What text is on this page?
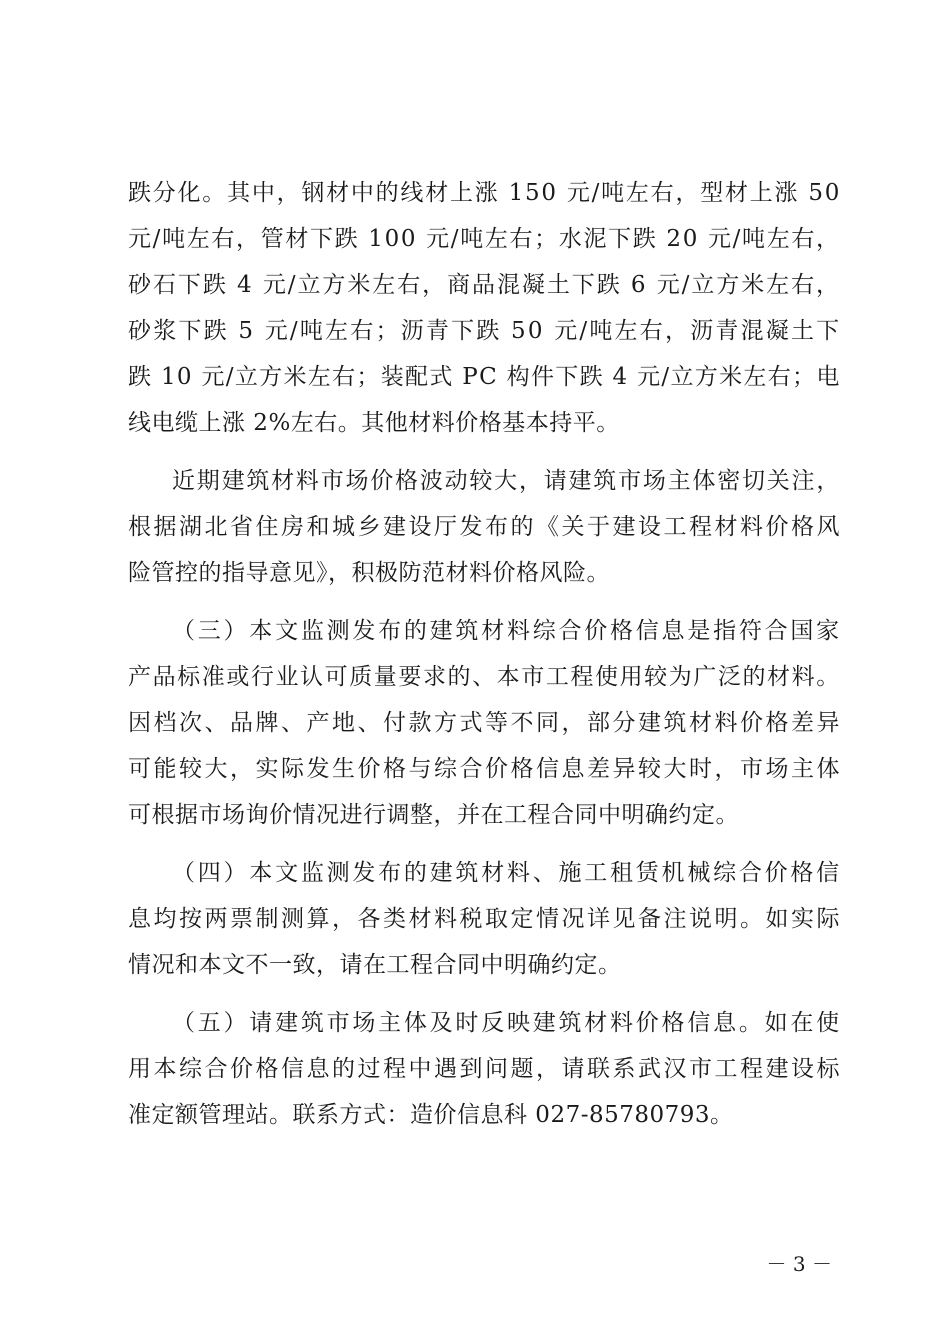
跌 分 化 。 其 中 ， 钢 材 中 的 线 材 上 涨
1 5 0
元 / 吨 左 右 ， 型 材 上 涨
5 0
元 / 吨 左 右 ， 管 材 下 跌
1 0 0
元 / 吨 左 右 ； 水 泥 下 跌
2 0
元 / 吨 左 右 ，
砂 石 下 跌
4
元 / 立 方 米 左 右 ， 商 品 混 凝 土 下 跌
6
元 / 立 方 米 左 右 ，
砂 浆 下 跌
5
元 / 吨 左 右 ； 沥 青 下 跌
5 0
元 / 吨 左 右 ， 沥 青 混 凝 土 下
跌
1 0
元 / 立 方 米 左 右 ； 装 配 式
P C
构 件 下 跌
4
元 / 立 方 米 左 右 ； 电
线电缆上涨 2%左右。其他材料价格基本持平。
近 期 建 筑 材 料 市 场 价 格 波 动 较 大 ， 请 建 筑 市 场 主 体 密 切 关 注 ，
根 据 湖 北 省 住 房 和 城 乡 建 设 厅 发 布 的 《 关 于 建 设 工 程 材 料 价 格 风
险管控的指导意见》，积极防范材料价格风险。
（ 三 ） 本 文 监 测 发 布 的 建 筑 材 料 综 合 价 格 信 息 是 指 符 合 国 家
产 品 标 准 或 行 业 认 可 质 量 要 求 的 、 本 市 工 程 使 用 较 为 广 泛 的 材 料 。
因 档 次 、 品 牌 、 产 地 、 付 款 方 式 等 不 同 ， 部 分 建 筑 材 料 价 格 差 异
可 能 较 大 ， 实 际 发 生 价 格 与 综 合 价 格 信 息 差 异 较 大 时 ， 市 场 主 体
可根据市场询价情况进行调整，并在工程合同中明确约定。
（ 四 ） 本 文 监 测 发 布 的 建 筑 材 料 、 施 工 租 赁 机 械 综 合 价 格 信
息 均 按 两 票 制 测 算 ， 各 类 材 料 税 取 定 情 况 详 见 备 注 说 明 。 如 实 际
情况和本文不一致，请在工程合同中明确约定。
（ 五 ） 请 建 筑 市 场 主 体 及 时 反 映 建 筑 材 料 价 格 信 息 。 如 在 使
用 本 综 合 价 格 信 息 的 过 程 中 遇 到 问 题 ， 请 联 系 武 汉 市 工 程 建 设 标
准定额管理站。联系方式：造价信息科 027-85780793。
－ 3 －
